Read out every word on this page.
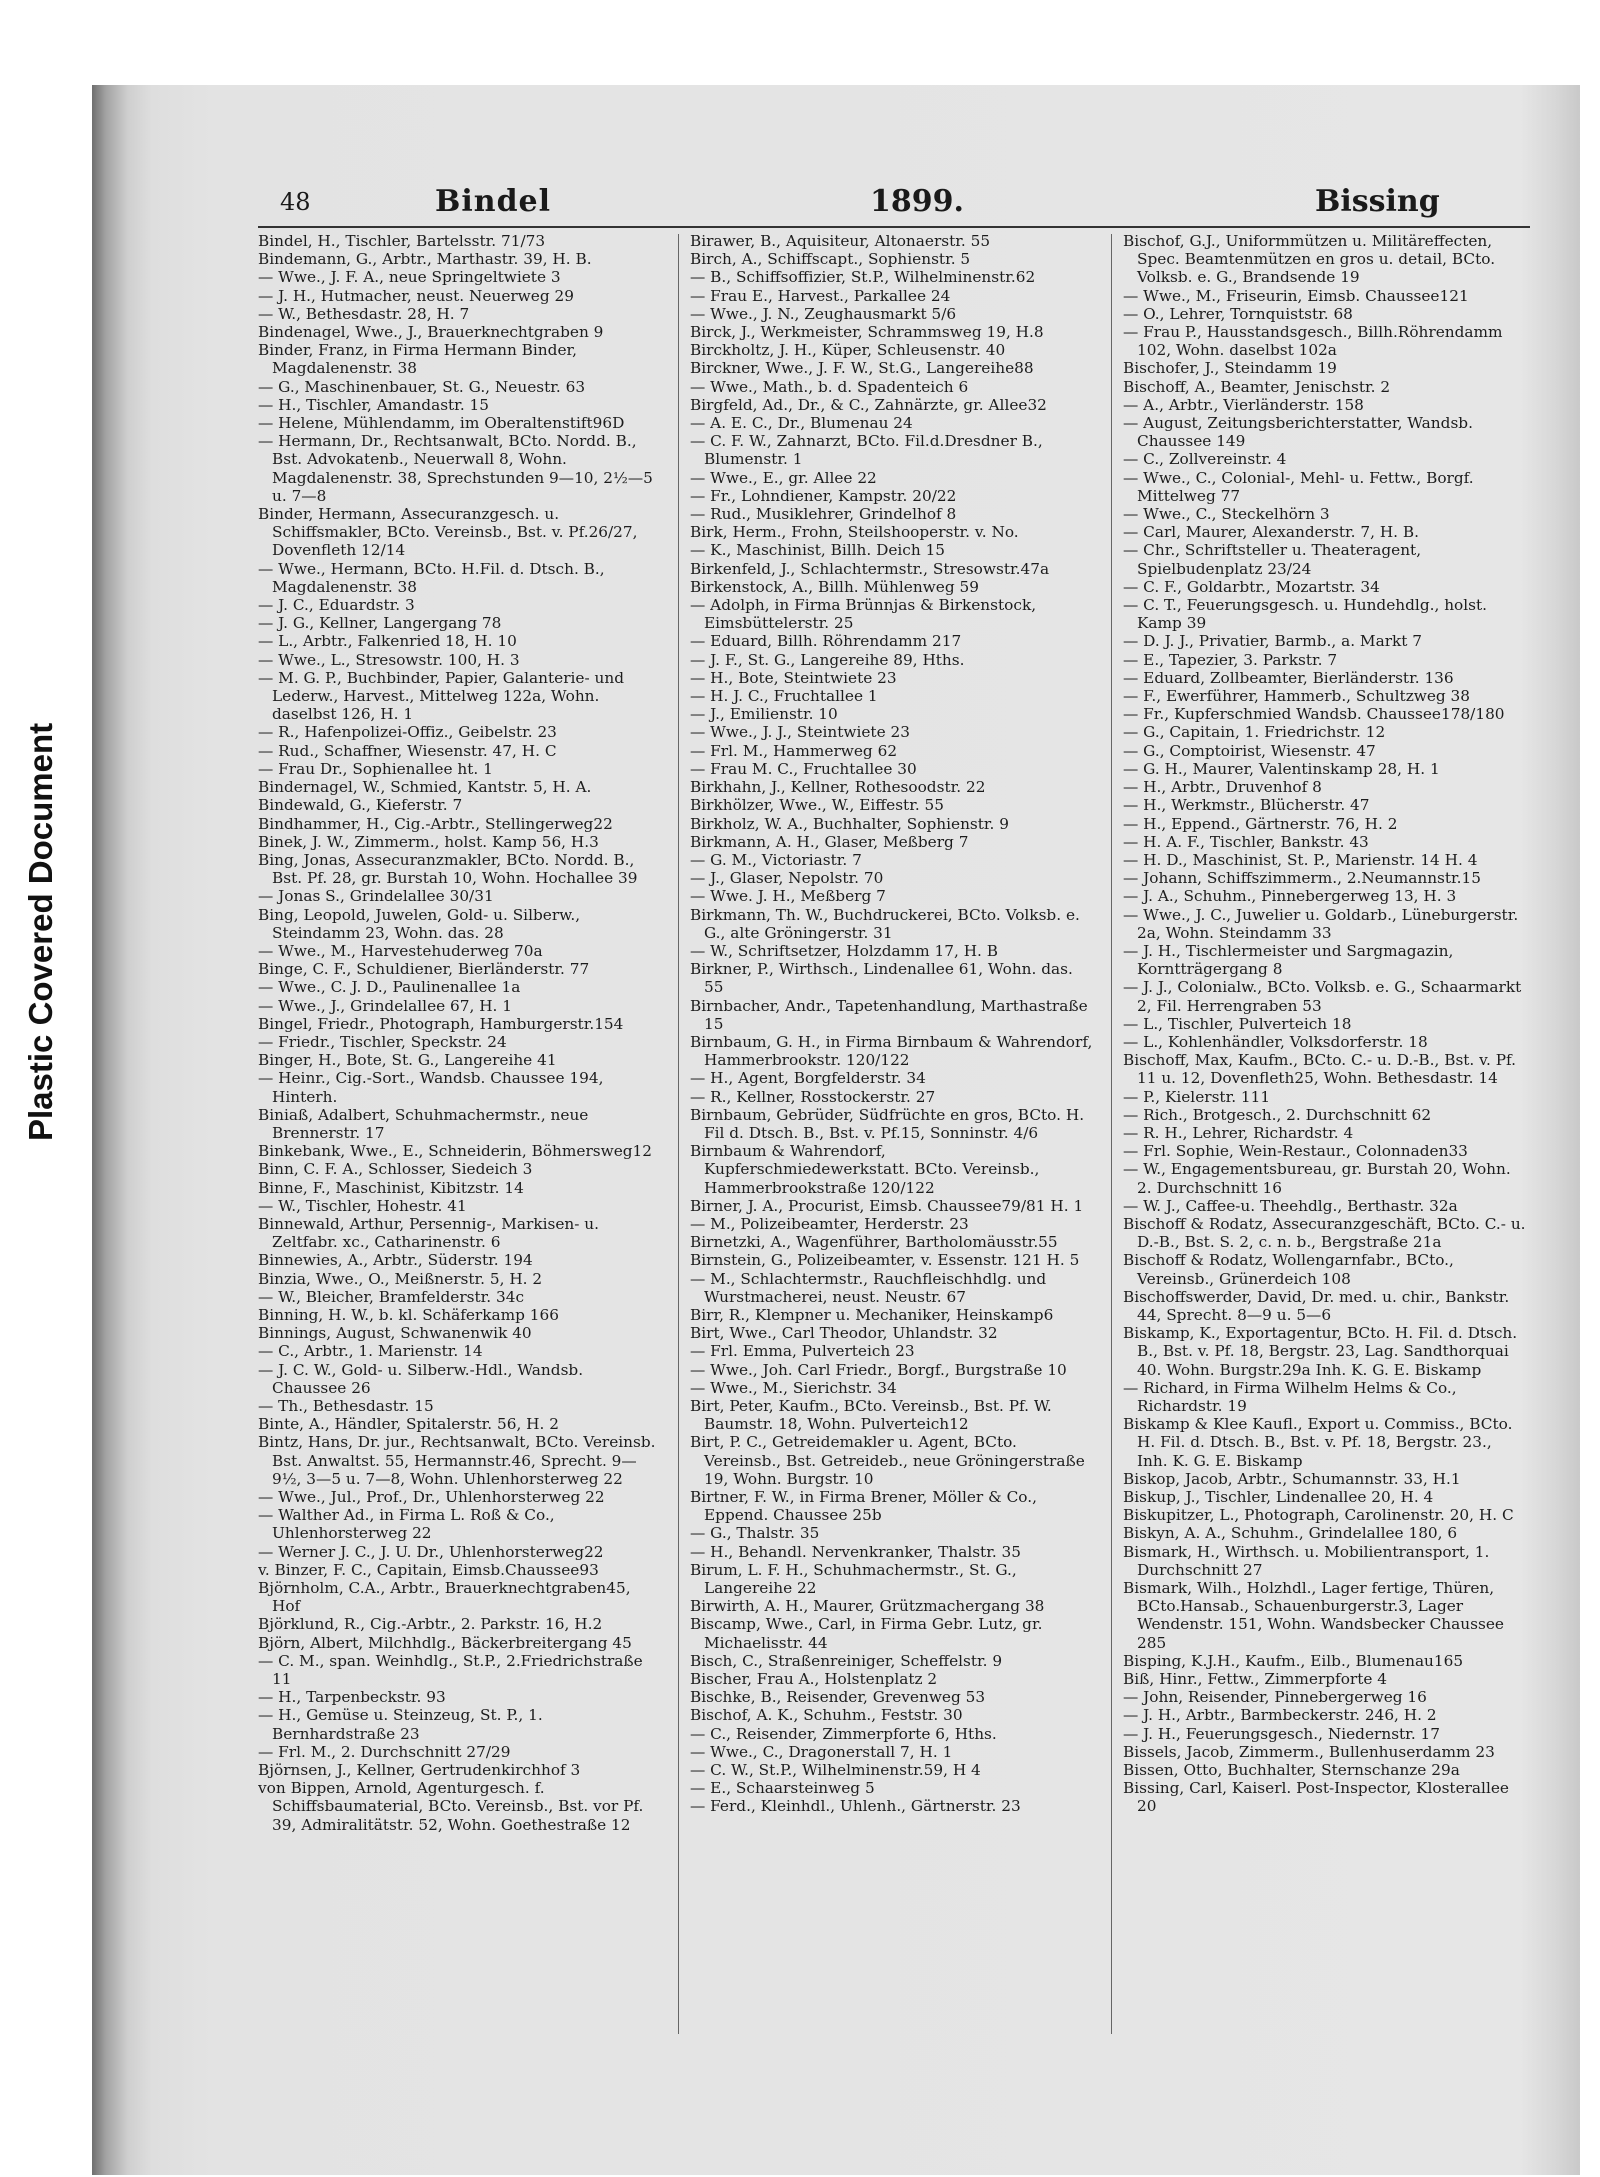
Plastic Covered Document
48	Bindel	1899.	Bissing

Bindel, H., Tischler, Bartelsstr. 71/73

Bindemann, G., Arbtr., Marthastr. 39, H. B.

— Wwe., J. F. A., neue Springeltwiete 3

— J. H., Hutmacher, neust. Neuerweg 29

— W., Bethesdastr. 28, H. 7

Bindenagel, Wwe., J., Brauerknechtgraben 9

Binder, Franz, in Firma Hermann Binder, Magdalenenstr. 38

— G., Maschinenbauer, St. G., Neuestr. 63

— H., Tischler, Amandastr. 15

— Helene, Mühlendamm, im Oberaltenstift96D

— Hermann, Dr., Rechtsanwalt, BCto. Nordd. B., Bst. Advokatenb., Neuerwall 8, Wohn. Magdalenenstr. 38, Sprechstunden 9—10, 2½—5 u. 7—8

Binder, Hermann, Assecuranzgesch. u. Schiffsmakler, BCto. Vereinsb., Bst. v. Pf.26/27, Dovenfleth 12/14

— Wwe., Hermann, BCto. H.Fil. d. Dtsch. B., Magdalenenstr. 38

— J. C., Eduardstr. 3

— J. G., Kellner, Langergang 78

— L., Arbtr., Falkenried 18, H. 10

— Wwe., L., Stresowstr. 100, H. 3

— M. G. P., Buchbinder, Papier, Galanterie- und Lederw., Harvest., Mittelweg 122a, Wohn. daselbst 126, H. 1

— R., Hafenpolizei-Offiz., Geibelstr. 23

— Rud., Schaffner, Wiesenstr. 47, H. C

— Frau Dr., Sophienallee ht. 1

Bindernagel, W., Schmied, Kantstr. 5, H. A.

Bindewald, G., Kieferstr. 7

Bindhammer, H., Cig.-Arbtr., Stellingerweg22

Binek, J. W., Zimmerm., holst. Kamp 56, H.3

Bing, Jonas, Assecuranzmakler, BCto. Nordd. B., Bst. Pf. 28, gr. Burstah 10, Wohn. Hochallee 39

— Jonas S., Grindelallee 30/31

Bing, Leopold, Juwelen, Gold- u. Silberw., Steindamm 23, Wohn. das. 28

— Wwe., M., Harvestehuderweg 70a

Binge, C. F., Schuldiener, Bierländerstr. 77

— Wwe., C. J. D., Paulinenallee 1a

— Wwe., J., Grindelallee 67, H. 1

Bingel, Friedr., Photograph, Hamburgerstr.154

— Friedr., Tischler, Speckstr. 24

Binger, H., Bote, St. G., Langereihe 41

— Heinr., Cig.-Sort., Wandsb. Chaussee 194, Hinterh.

Biniaß, Adalbert, Schuhmachermstr., neue Brennerstr. 17

Binkebank, Wwe., E., Schneiderin, Böhmersweg12

Binn, C. F. A., Schlosser, Siedeich 3

Binne, F., Maschinist, Kibitzstr. 14

— W., Tischler, Hohestr. 41

Binnewald, Arthur, Persennig-, Markisen- u. Zeltfabr. xc., Catharinenstr. 6

Binnewies, A., Arbtr., Süderstr. 194

Binzia, Wwe., O., Meißnerstr. 5, H. 2

— W., Bleicher, Bramfelderstr. 34c

Binning, H. W., b. kl. Schäferkamp 166

Binnings, August, Schwanenwik 40

— C., Arbtr., 1. Marienstr. 14

— J. C. W., Gold- u. Silberw.-Hdl., Wandsb. Chaussee 26

— Th., Bethesdastr. 15

Binte, A., Händler, Spitalerstr. 56, H. 2

Bintz, Hans, Dr. jur., Rechtsanwalt, BCto. Vereinsb. Bst. Anwaltst. 55, Hermannstr.46, Sprecht. 9—9½, 3—5 u. 7—8, Wohn. Uhlenhorsterweg 22

— Wwe., Jul., Prof., Dr., Uhlenhorsterweg 22

— Walther Ad., in Firma L. Roß & Co., Uhlenhorsterweg 22

— Werner J. C., J. U. Dr., Uhlenhorsterweg22

v. Binzer, F. C., Capitain, Eimsb.Chaussee93

Björnholm, C.A., Arbtr., Brauerknechtgraben45, Hof

Björklund, R., Cig.-Arbtr., 2. Parkstr. 16, H.2

Björn, Albert, Milchhdlg., Bäckerbreitergang 45

— C. M., span. Weinhdlg., St.P., 2.Friedrichstraße 11

— H., Tarpenbeckstr. 93

— H., Gemüse u. Steinzeug, St. P., 1. Bernhardstraße 23

— Frl. M., 2. Durchschnitt 27/29

Björnsen, J., Kellner, Gertrudenkirchhof 3

von Bippen, Arnold, Agenturgesch. f. Schiffsbaumaterial, BCto. Vereinsb., Bst. vor Pf. 39, Admiralitätstr. 52, Wohn. Goethestraße 12

Birawer, B., Aquisiteur, Altonaerstr. 55

Birch, A., Schiffscapt., Sophienstr. 5

— B., Schiffsoffizier, St.P., Wilhelminenstr.62

— Frau E., Harvest., Parkallee 24

— Wwe., J. N., Zeughausmarkt 5/6

Birck, J., Werkmeister, Schrammsweg 19, H.8

Birckholtz, J. H., Küper, Schleusenstr. 40

Birckner, Wwe., J. F. W., St.G., Langereihe88

— Wwe., Math., b. d. Spadenteich 6

Birgfeld, Ad., Dr., & C., Zahnärzte, gr. Allee32

— A. E. C., Dr., Blumenau 24

— C. F. W., Zahnarzt, BCto. Fil.d.Dresdner B., Blumenstr. 1

— Wwe., E., gr. Allee 22

— Fr., Lohndiener, Kampstr. 20/22

— Rud., Musiklehrer, Grindelhof 8

Birk, Herm., Frohn, Steilshooperstr. v. No.

— K., Maschinist, Billh. Deich 15

Birkenfeld, J., Schlachtermstr., Stresowstr.47a

Birkenstock, A., Billh. Mühlenweg 59

— Adolph, in Firma Brünnjas & Birkenstock, Eimsbüttelerstr. 25

— Eduard, Billh. Röhrendamm 217

— J. F., St. G., Langereihe 89, Hths.

— H., Bote, Steintwiete 23

— H. J. C., Fruchtallee 1

— J., Emilienstr. 10

— Wwe., J. J., Steintwiete 23

— Frl. M., Hammerweg 62

— Frau M. C., Fruchtallee 30

Birkhahn, J., Kellner, Rothesoodstr. 22

Birkhölzer, Wwe., W., Eiffestr. 55

Birkholz, W. A., Buchhalter, Sophienstr. 9

Birkmann, A. H., Glaser, Meßberg 7

— G. M., Victoriastr. 7

— J., Glaser, Nepolstr. 70

— Wwe. J. H., Meßberg 7

Birkmann, Th. W., Buchdruckerei, BCto. Volksb. e. G., alte Gröningerstr. 31

— W., Schriftsetzer, Holzdamm 17, H. B

Birkner, P., Wirthsch., Lindenallee 61, Wohn. das. 55

Birnbacher, Andr., Tapetenhandlung, Marthastraße 15

Birnbaum, G. H., in Firma Birnbaum & Wahrendorf, Hammerbrookstr. 120/122

— H., Agent, Borgfelderstr. 34

— R., Kellner, Rosstockerstr. 27

Birnbaum, Gebrüder, Südfrüchte en gros, BCto. H. Fil d. Dtsch. B., Bst. v. Pf.15, Sonninstr. 4/6

Birnbaum & Wahrendorf, Kupferschmiedewerkstatt. BCto. Vereinsb., Hammerbrookstraße 120/122

Birner, J. A., Procurist, Eimsb. Chaussee79/81 H. 1

— M., Polizeibeamter, Herderstr. 23

Birnetzki, A., Wagenführer, Bartholomäusstr.55

Birnstein, G., Polizeibeamter, v. Essenstr. 121 H. 5

— M., Schlachtermstr., Rauchfleischhdlg. und Wurstmacherei, neust. Neustr. 67

Birr, R., Klempner u. Mechaniker, Heinskamp6

Birt, Wwe., Carl Theodor, Uhlandstr. 32

— Frl. Emma, Pulverteich 23

— Wwe., Joh. Carl Friedr., Borgf., Burgstraße 10

— Wwe., M., Sierichstr. 34

Birt, Peter, Kaufm., BCto. Vereinsb., Bst. Pf. W. Baumstr. 18, Wohn. Pulverteich12

Birt, P. C., Getreidemakler u. Agent, BCto. Vereinsb., Bst. Getreideb., neue Gröningerstraße 19, Wohn. Burgstr. 10

Birtner, F. W., in Firma Brener, Möller & Co., Eppend. Chaussee 25b

— G., Thalstr. 35

— H., Behandl. Nervenkranker, Thalstr. 35

Birum, L. F. H., Schuhmachermstr., St. G., Langereihe 22

Birwirth, A. H., Maurer, Grützmachergang 38

Biscamp, Wwe., Carl, in Firma Gebr. Lutz, gr. Michaelisstr. 44

Bisch, C., Straßenreiniger, Scheffelstr. 9

Bischer, Frau A., Holstenplatz 2

Bischke, B., Reisender, Grevenweg 53

Bischof, A. K., Schuhm., Feststr. 30

— C., Reisender, Zimmerpforte 6, Hths.

— Wwe., C., Dragonerstall 7, H. 1

— C. W., St.P., Wilhelminenstr.59, H 4

— E., Schaarsteinweg 5

— Ferd., Kleinhdl., Uhlenh., Gärtnerstr. 23

Bischof, G.J., Uniformmützen u. Militäreffecten, Spec. Beamtenmützen en gros u. detail, BCto. Volksb. e. G., Brandsende 19

— Wwe., M., Friseurin, Eimsb. Chaussee121

— O., Lehrer, Tornquiststr. 68

— Frau P., Hausstandsgesch., Billh.Röhrendamm 102, Wohn. daselbst 102a

Bischofer, J., Steindamm 19

Bischoff, A., Beamter, Jenischstr. 2

— A., Arbtr., Vierländerstr. 158

— August, Zeitungsberichterstatter, Wandsb. Chaussee 149

— C., Zollvereinstr. 4

— Wwe., C., Colonial-, Mehl- u. Fettw., Borgf. Mittelweg 77

— Wwe., C., Steckelhörn 3

— Carl, Maurer, Alexanderstr. 7, H. B.

— Chr., Schriftsteller u. Theateragent, Spielbudenplatz 23/24

— C. F., Goldarbtr., Mozartstr. 34

— C. T., Feuerungsgesch. u. Hundehdlg., holst. Kamp 39

— D. J. J., Privatier, Barmb., a. Markt 7

— E., Tapezier, 3. Parkstr. 7

— Eduard, Zollbeamter, Bierländerstr. 136

— F., Ewerführer, Hammerb., Schultzweg 38

— Fr., Kupferschmied Wandsb. Chaussee178/180

— G., Capitain, 1. Friedrichstr. 12

— G., Comptoirist, Wiesenstr. 47

— G. H., Maurer, Valentinskamp 28, H. 1

— H., Arbtr., Druvenhof 8

— H., Werkmstr., Blücherstr. 47

— H., Eppend., Gärtnerstr. 76, H. 2

— H. A. F., Tischler, Bankstr. 43

— H. D., Maschinist, St. P., Marienstr. 14 H. 4

— Johann, Schiffszimmerm., 2.Neumannstr.15

— J. A., Schuhm., Pinnebergerweg 13, H. 3

— Wwe., J. C., Juwelier u. Goldarb., Lüneburgerstr. 2a, Wohn. Steindamm 33

— J. H., Tischlermeister und Sargmagazin, Korntträgergang 8

— J. J., Colonialw., BCto. Volksb. e. G., Schaarmarkt 2, Fil. Herrengraben 53

— L., Tischler, Pulverteich 18

— L., Kohlenhändler, Volksdorferstr. 18

Bischoff, Max, Kaufm., BCto. C.- u. D.-B., Bst. v. Pf. 11 u. 12, Dovenfleth25, Wohn. Bethesdastr. 14

— P., Kielerstr. 111

— Rich., Brotgesch., 2. Durchschnitt 62

— R. H., Lehrer, Richardstr. 4

— Frl. Sophie, Wein-Restaur., Colonnaden33

— W., Engagementsbureau, gr. Burstah 20, Wohn. 2. Durchschnitt 16

— W. J., Caffee-u. Theehdlg., Berthastr. 32a

Bischoff & Rodatz, Assecuranzgeschäft, BCto. C.- u. D.-B., Bst. S. 2, c. n. b., Bergstraße 21a

Bischoff & Rodatz, Wollengarnfabr., BCto., Vereinsb., Grünerdeich 108

Bischoffswerder, David, Dr. med. u. chir., Bankstr. 44, Sprecht. 8—9 u. 5—6

Biskamp, K., Exportagentur, BCto. H. Fil. d. Dtsch. B., Bst. v. Pf. 18, Bergstr. 23, Lag. Sandthorquai 40. Wohn. Burgstr.29a Inh. K. G. E. Biskamp

— Richard, in Firma Wilhelm Helms & Co., Richardstr. 19

Biskamp & Klee Kaufl., Export u. Commiss., BCto. H. Fil. d. Dtsch. B., Bst. v. Pf. 18, Bergstr. 23., Inh. K. G. E. Biskamp

Biskop, Jacob, Arbtr., Schumannstr. 33, H.1

Biskup, J., Tischler, Lindenallee 20, H. 4

Biskupitzer, L., Photograph, Carolinenstr. 20, H. C

Biskyn, A. A., Schuhm., Grindelallee 180, 6

Bismark, H., Wirthsch. u. Mobilientransport, 1. Durchschnitt 27

Bismark, Wilh., Holzhdl., Lager fertige, Thüren, BCto.Hansab., Schauenburgerstr.3, Lager Wendenstr. 151, Wohn. Wandsbecker Chaussee 285

Bisping, K.J.H., Kaufm., Eilb., Blumenau165

Biß, Hinr., Fettw., Zimmerpforte 4

— John, Reisender, Pinnebergerweg 16

— J. H., Arbtr., Barmbeckerstr. 246, H. 2

— J. H., Feuerungsgesch., Niedernstr. 17

Bissels, Jacob, Zimmerm., Bullenhuserdamm 23

Bissen, Otto, Buchhalter, Sternschanze 29a

Bissing, Carl, Kaiserl. Post-Inspector, Klosterallee 20
